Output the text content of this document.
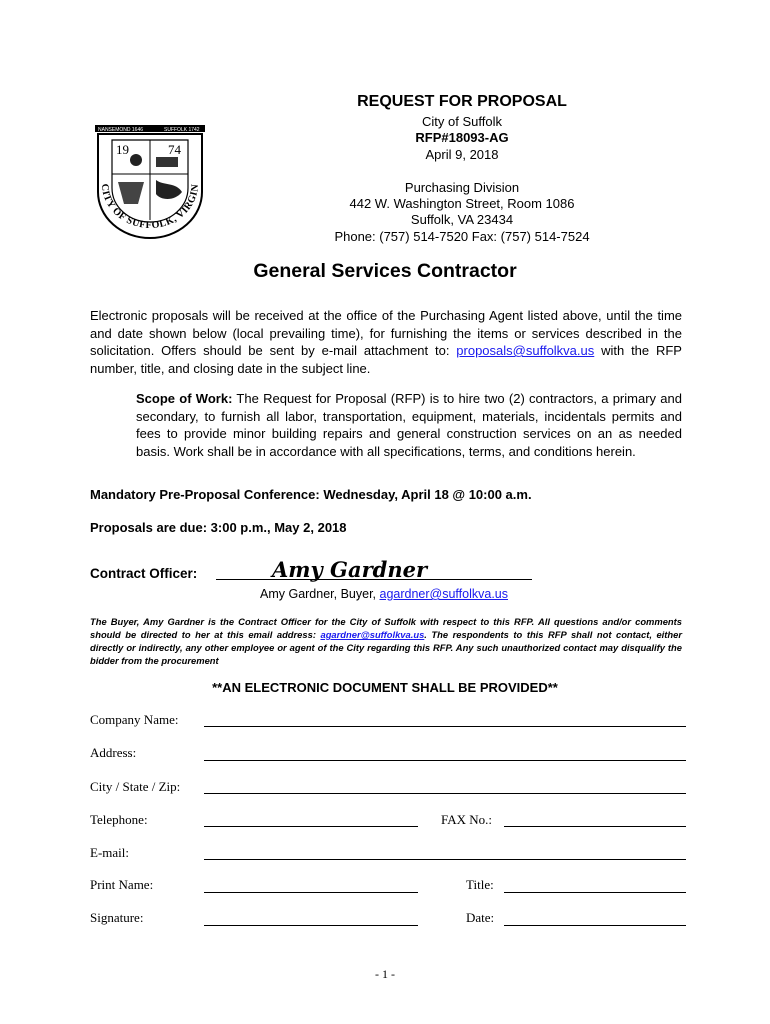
NANSEMOND 1646	SUFFOLK 1742
19	74
CITY OF SUFFOLK, VIRGIN
REQUEST FOR PROPOSAL
City of Suffolk
RFP#18093-AG
April 9, 2018
Purchasing Division
442 W. Washington Street, Room 1086
Suffolk, VA 23434
Phone: (757) 514-7520 Fax: (757) 514-7524
General Services Contractor
Electronic proposals will be received at the office of the Purchasing Agent listed above, until the time and date shown below (local prevailing time), for furnishing the items or services described in the solicitation. Offers should be sent by e-mail attachment to: proposals@suffolkva.us with the RFP number, title, and closing date in the subject line.
Scope of Work: The Request for Proposal (RFP) is to hire two (2) contractors, a primary and secondary, to furnish all labor, transportation, equipment, materials, incidentals permits and fees to provide minor building repairs and general construction services on an as needed basis. Work shall be in accordance with all specifications, terms, and conditions herein.
Mandatory Pre-Proposal Conference: Wednesday, April 18 @ 10:00 a.m.
Proposals are due: 3:00 p.m., May 2, 2018
Contract Officer:	Amy Gardner
Amy Gardner, Buyer, agardner@suffolkva.us
The Buyer, Amy Gardner is the Contract Officer for the City of Suffolk with respect to this RFP. All questions and/or comments should be directed to her at this email address: agardner@suffolkva.us. The respondents to this RFP shall not contact, either directly or indirectly, any other employee or agent of the City regarding this RFP. Any such unauthorized contact may disqualify the bidder from the procurement
**AN ELECTRONIC DOCUMENT SHALL BE PROVIDED**
Company Name:
Address:
City / State / Zip:
Telephone:	FAX No.:
E-mail:
Print Name:	Title:
Signature:	Date:
- 1 -
